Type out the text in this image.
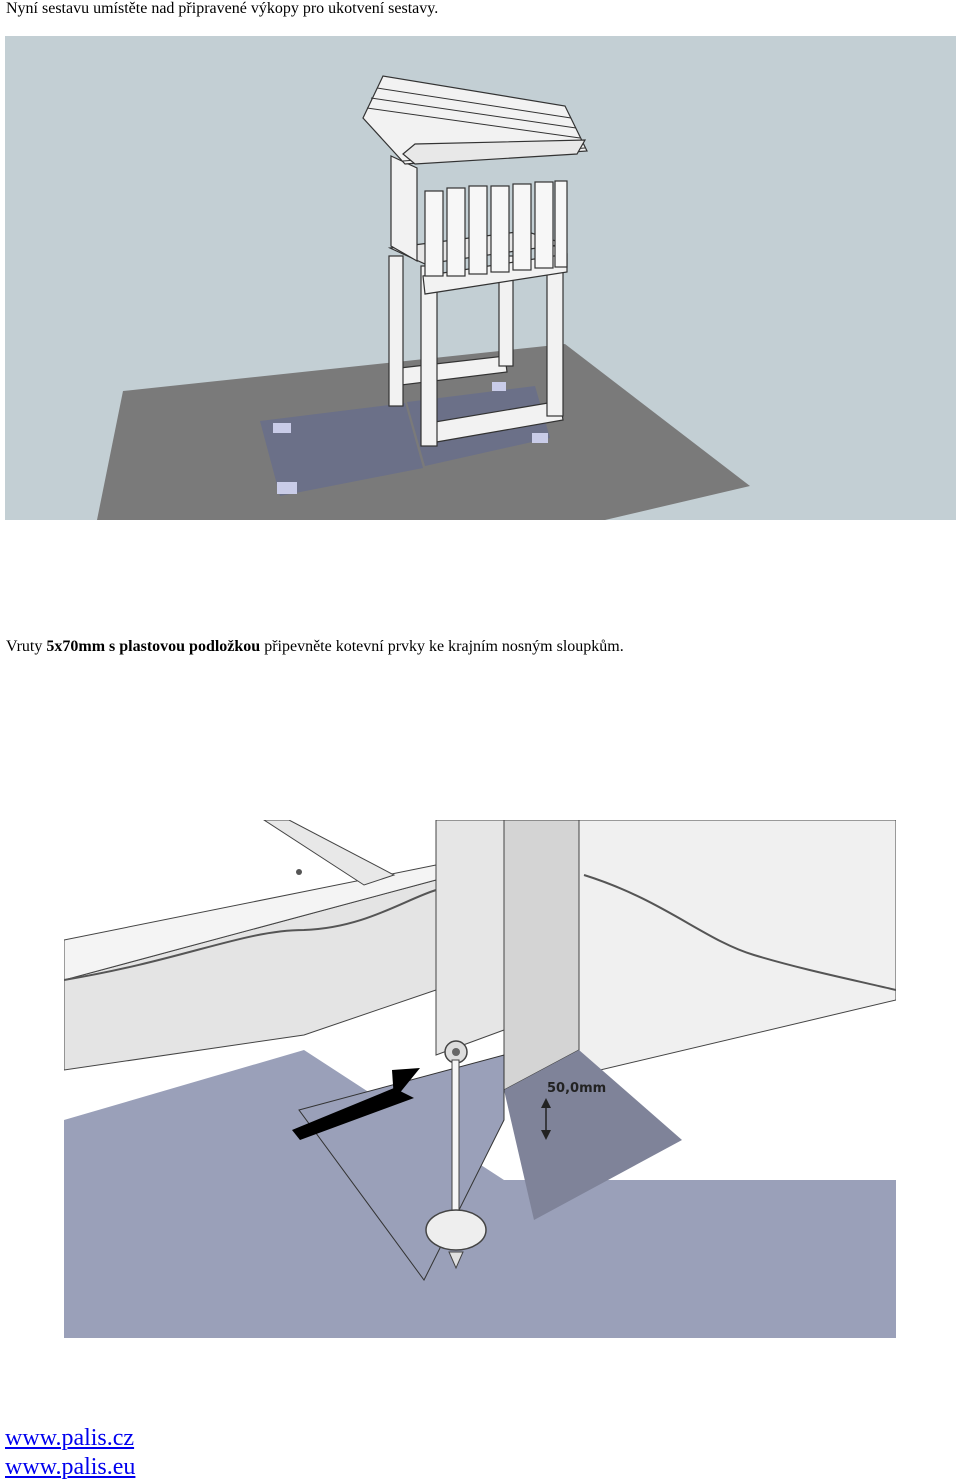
Nyní sestavu umístěte nad připravené výkopy pro ukotvení sestavy.
Vruty 5x70mm s plastovou podložkou připevněte kotevní prvky ke krajním nosným sloupkům.
50,0mm
www.palis.cz
www.palis.eu
